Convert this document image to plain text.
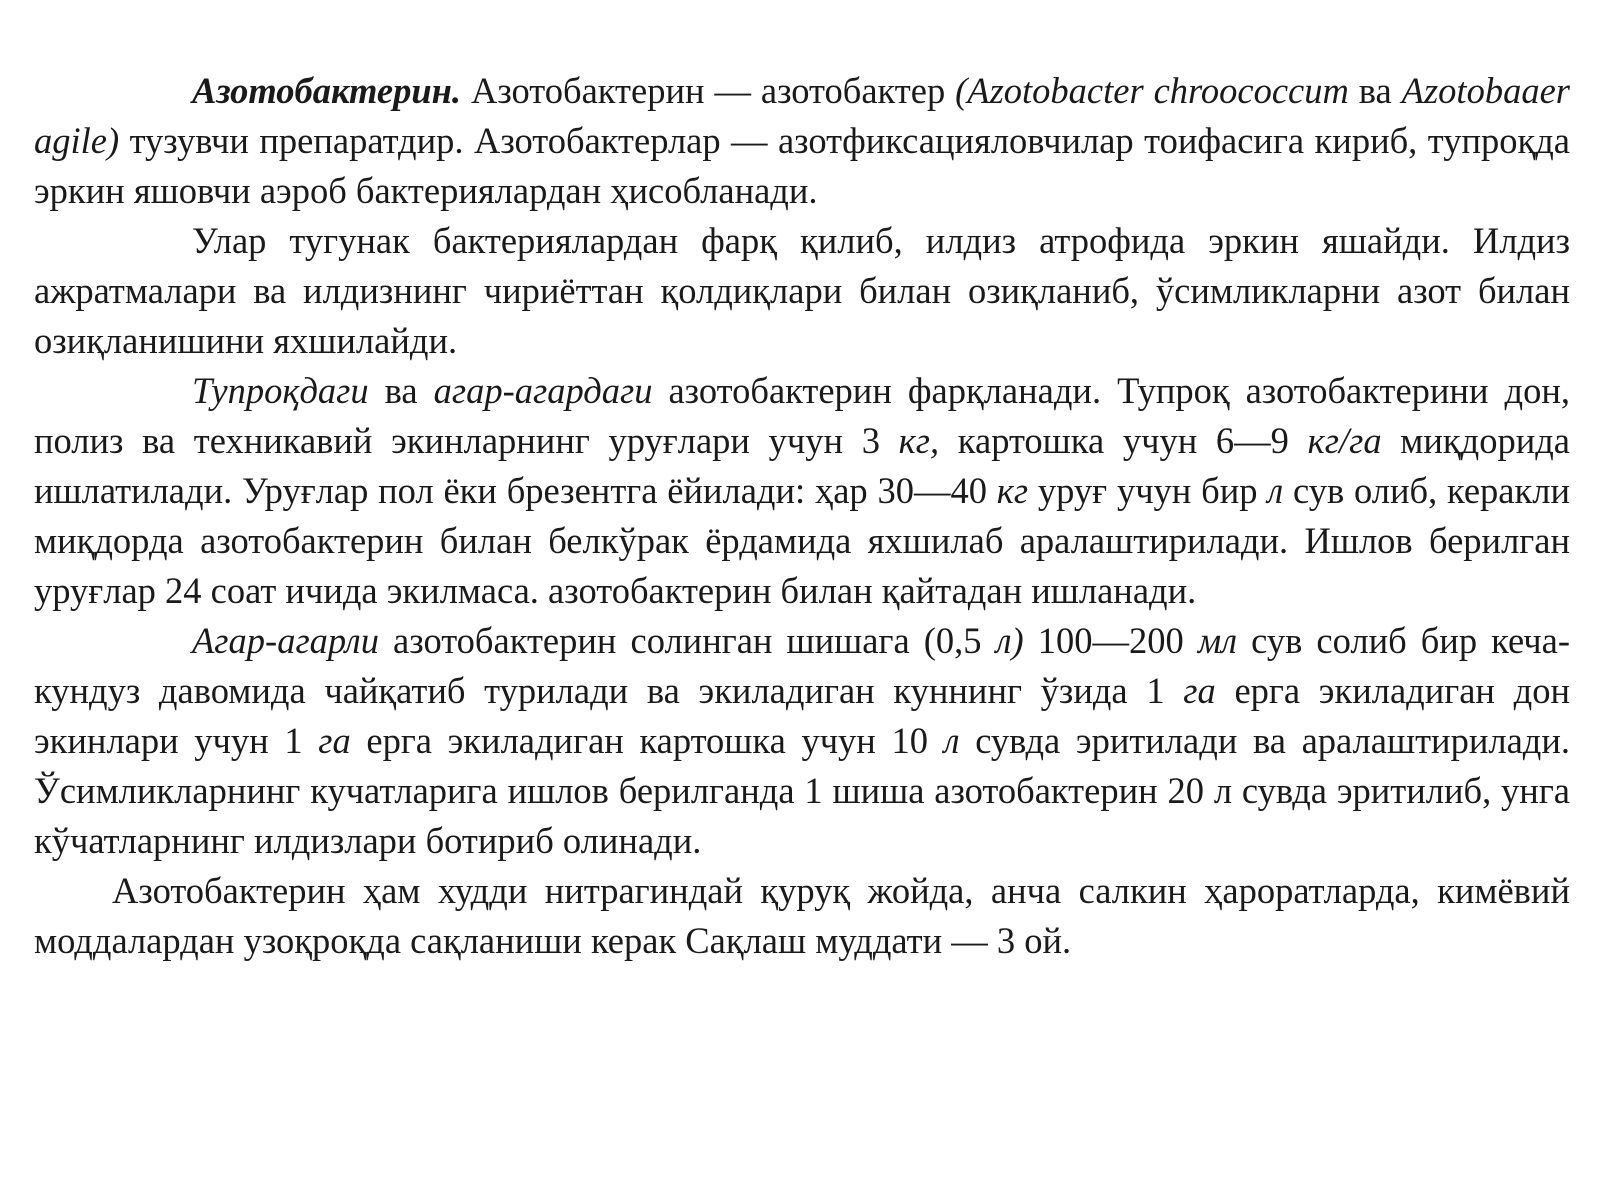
Азотобактерин. Азотобактерин — азотобактер (Azotobacter chroococcum ва Azotobaaer agile) тузувчи препаратдир. Азотобактерлар — азотфиксацияловчилар тоифасига кириб, тупроқда эркин яшовчи аэроб бактериялардан ҳисобланади.

Улар тугунак бактериялардан фарқ қилиб, илдиз атрофида эркин яшайди. Илдиз ажратмалари ва илдизнинг чириёттан қолдиқлари билан озиқланиб, ўсимликларни азот билан озиқланишини яхшилайди.

Тупроқдаги ва агар-агардаги азотобактерин фарқланади. Тупроқ азотобактерини дон, полиз ва техникавий экинларнинг уруғлари учун 3 кг, картошка учун 6—9 кг/га миқдорида ишлатилади. Уруғлар пол ёки брезентга ёйилади: ҳар 30—40 кг уруғ учун бир л сув олиб, керакли миқдорда азотобактерин билан белкўрак ёрдамида яхшилаб аралаштирилади. Ишлов берилган уруғлар 24 соат ичида экилмаса. азотобактерин билан қайтадан ишланади.

Агар-агарли азотобактерин солинган шишага (0,5 л) 100—200 мл сув солиб бир кеча-кундуз давомида чайқатиб турилади ва экиладиган куннинг ўзида 1 га ерга экиладиган дон экинлари учун 1 га ерга экиладиган картошка учун 10 л сувда эритилади ва аралаштирилади. Ўсимликларнинг кучатларига ишлов берилганда 1 шиша азотобактерин 20 л сувда эритилиб, унга кўчатларнинг илдизлари ботириб олинади.

Азотобактерин ҳам худди нитрагиндай қуруқ жойда, анча салкин ҳароратларда, кимёвий моддалардан узоқроқда сақланиши керак Сақлаш муддати — 3 ой.
